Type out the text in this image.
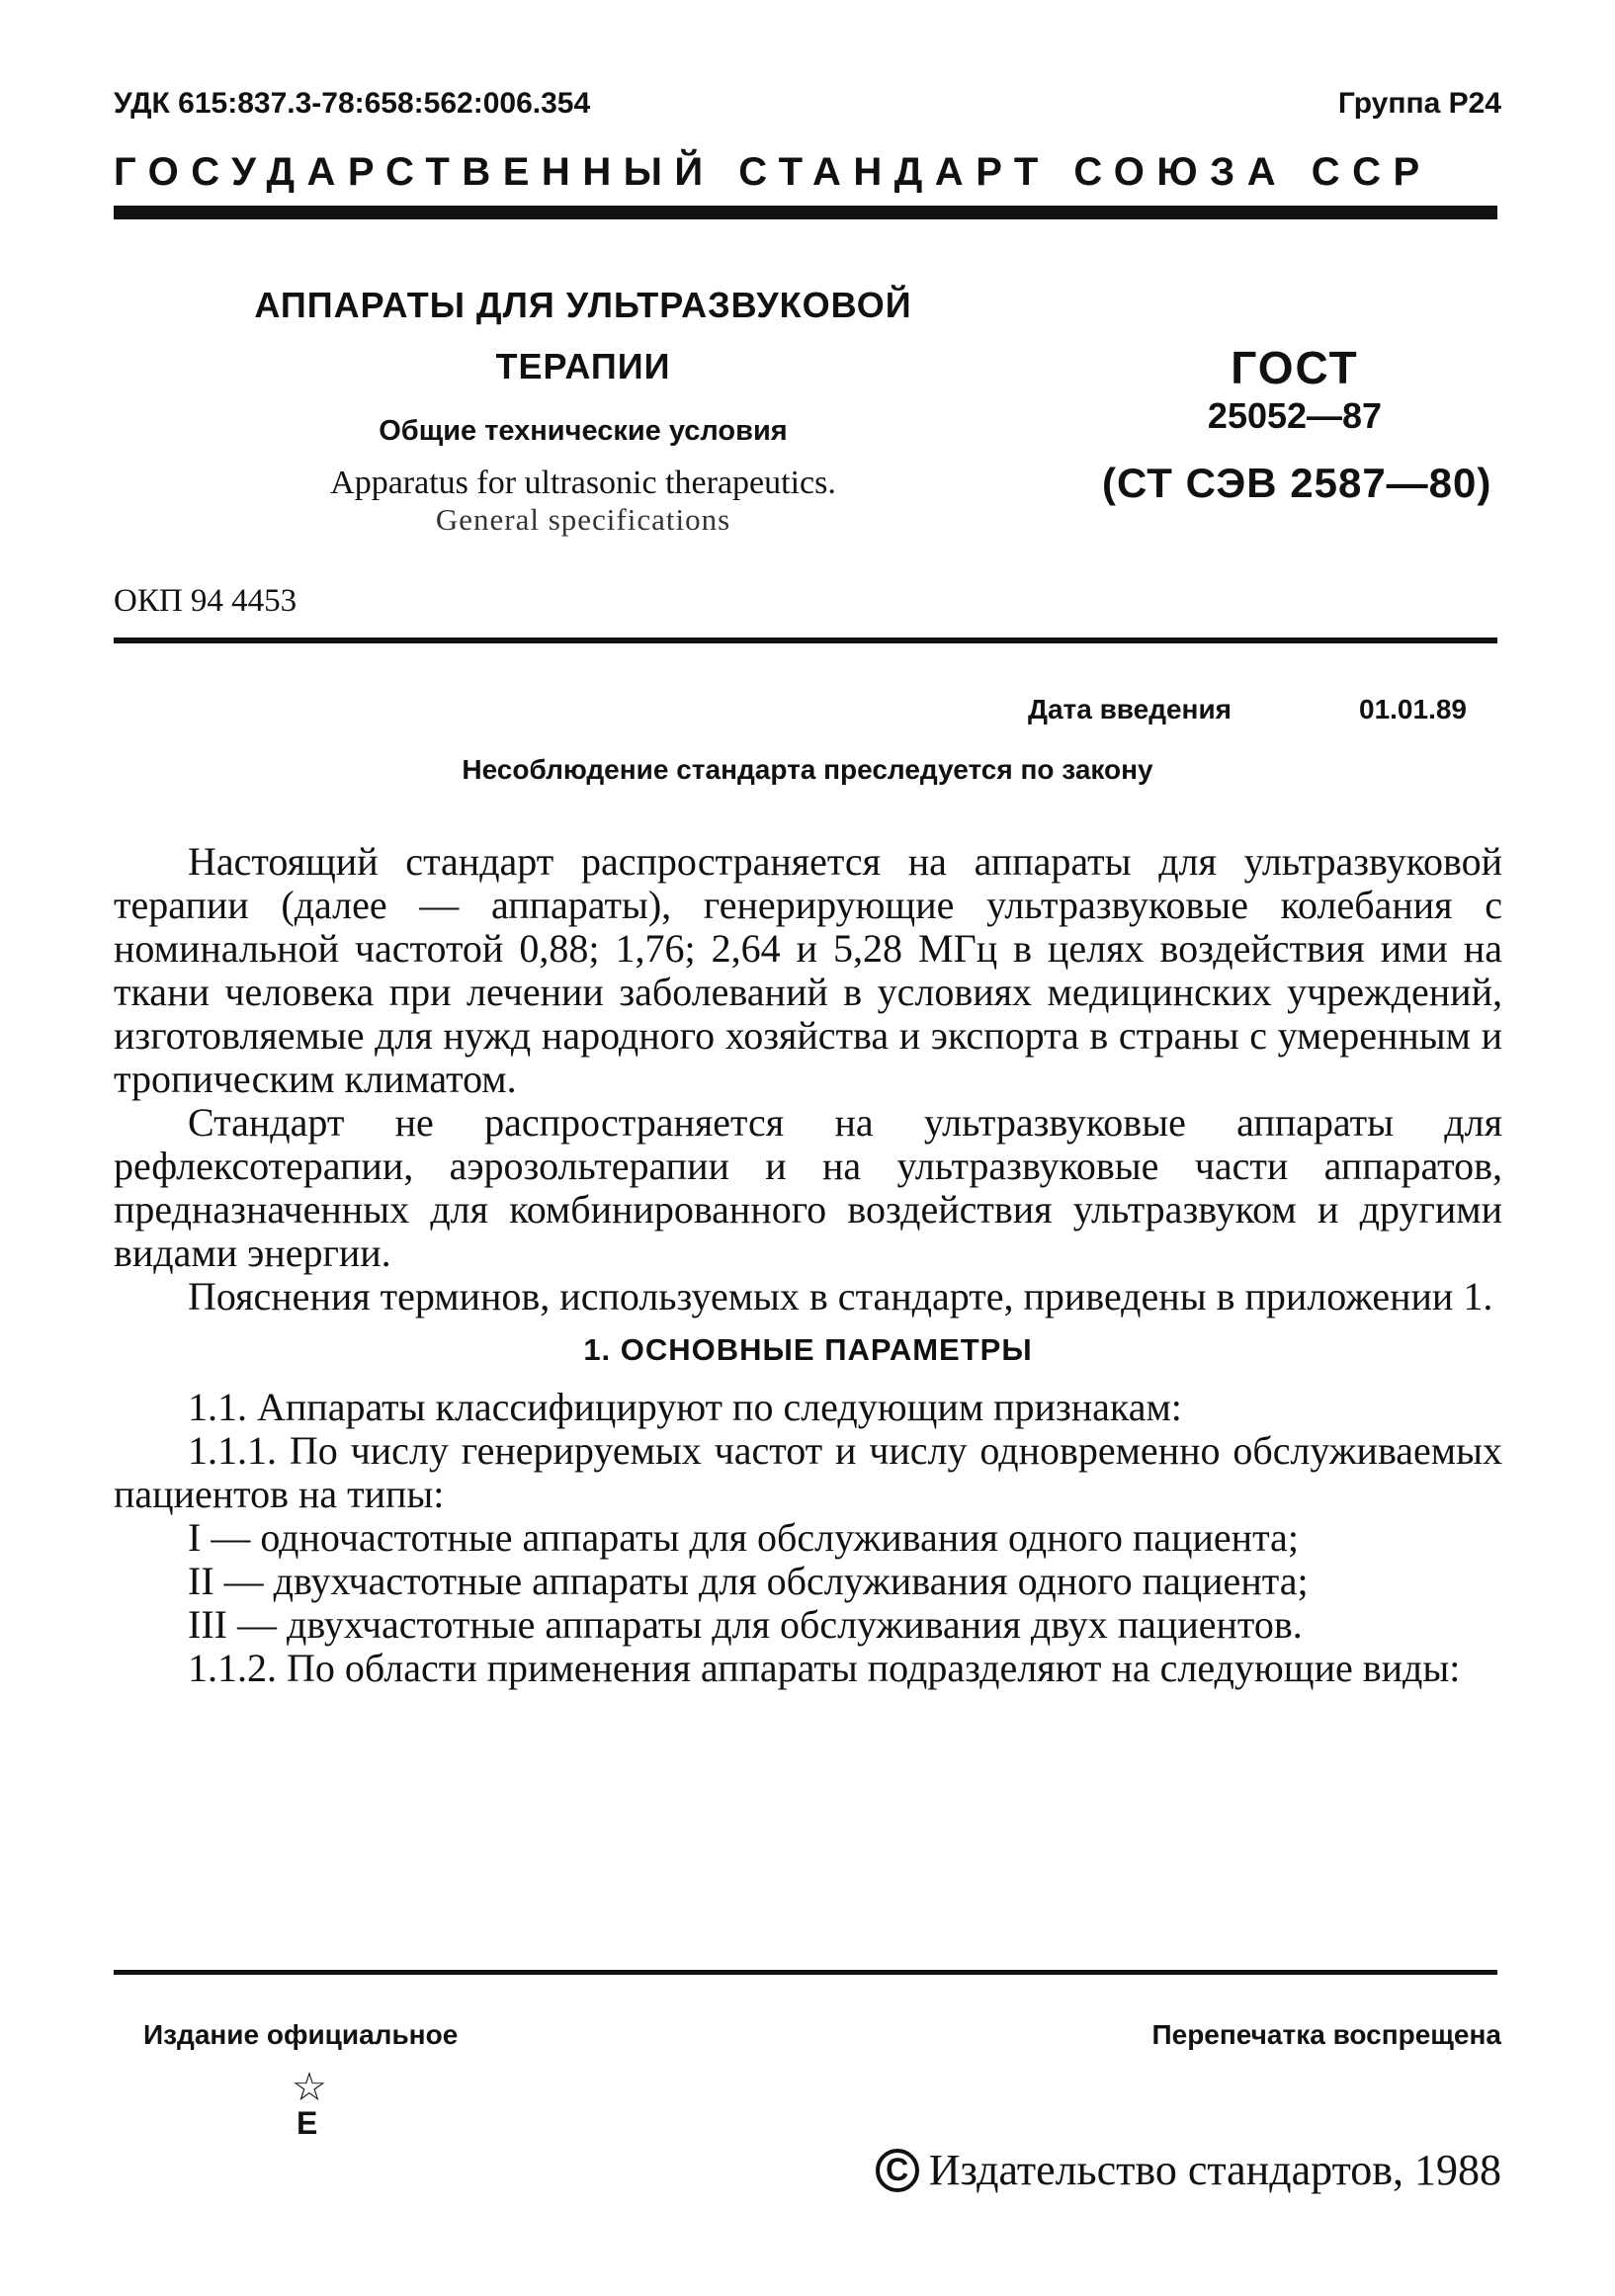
УДК 615:837.3-78:658:562:006.354	Группа Р24
ГОСУДАРСТВЕННЫЙ СТАНДАРТ СОЮЗА ССР
АППАРАТЫ ДЛЯ УЛЬТРАЗВУКОВОЙ
ТЕРАПИИ
Общие технические условия
Apparatus for ultrasonic therapeutics.
General specifications
ГОСТ
25052—87
(СТ СЭВ 2587—80)
ОКП 94 4453
Дата введения	01.01.89
Несоблюдение стандарта преследуется по закону

Настоящий стандарт распространяется на аппараты для ультразвуковой терапии (далее — аппараты), генерирующие ультразвуковые колебания с номинальной частотой 0,88; 1,76; 2,64 и 5,28 МГц в целях воздействия ими на ткани человека при лечении заболеваний в условиях медицинских учреждений, изготовляемые для нужд народного хозяйства и экспорта в страны с умеренным и тропическим климатом.

Стандарт не распространяется на ультразвуковые аппараты для рефлексотерапии, аэрозольтерапии и на ультразвуковые части аппаратов, предназначенных для комбинированного воздействия ультразвуком и другими видами энергии.

Пояснения терминов, используемых в стандарте, приведены в приложении 1.

1. ОСНОВНЫЕ ПАРАМЕТРЫ

1.1. Аппараты классифицируют по следующим признакам:

1.1.1. По числу генерируемых частот и числу одновременно обслуживаемых пациентов на типы:

I — одночастотные аппараты для обслуживания одного пациента;

II — двухчастотные аппараты для обслуживания одного пациента;

III — двухчастотные аппараты для обслуживания двух пациентов.

1.1.2. По области применения аппараты подразделяют на следующие виды:

Издание официальное	Перепечатка воспрещена
☆
Е
C Издательство стандартов, 1988
